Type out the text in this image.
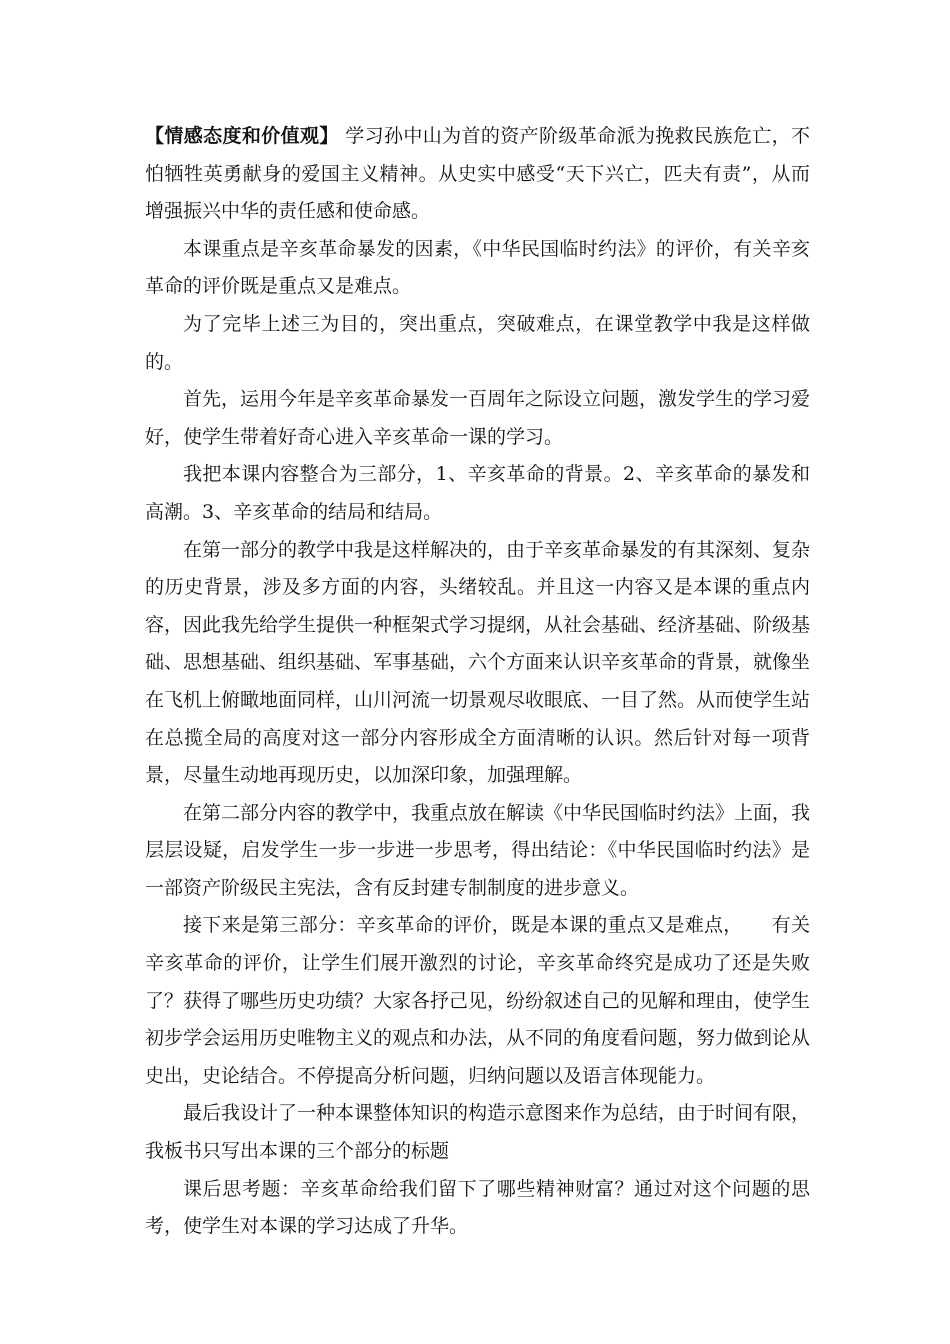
【情感态度和价值观】 学习孙中山为首的资产阶级革命派为挽救民族危亡，不怕牺牲英勇献身的爱国主义精神。从史实中感受“天下兴亡，匹夫有责”，从而增强振兴中华的责任感和使命感。

本课重点是辛亥革命暴发的因素，《中华民国临时约法》的评价，有关辛亥革命的评价既是重点又是难点。

为了完毕上述三为目的，突出重点，突破难点，在课堂教学中我是这样做的。

首先，运用今年是辛亥革命暴发一百周年之际设立问题，激发学生的学习爱好，使学生带着好奇心进入辛亥革命一课的学习。

我把本课内容整合为三部分，1、辛亥革命的背景。2、辛亥革命的暴发和高潮。3、辛亥革命的结局和结局。

在第一部分的教学中我是这样解决的，由于辛亥革命暴发的有其深刻、复杂的历史背景，涉及多方面的内容，头绪较乱。并且这一内容又是本课的重点内容，因此我先给学生提供一种框架式学习提纲，从社会基础、经济基础、阶级基础、思想基础、组织基础、军事基础，六个方面来认识辛亥革命的背景，就像坐在飞机上俯瞰地面同样，山川河流一切景观尽收眼底、一目了然。从而使学生站在总揽全局的高度对这一部分内容形成全方面清晰的认识。然后针对每一项背景，尽量生动地再现历史，以加深印象，加强理解。

在第二部分内容的教学中，我重点放在解读《中华民国临时约法》上面，我层层设疑，启发学生一步一步进一步思考，得出结论：《中华民国临时约法》是一部资产阶级民主宪法，含有反封建专制制度的进步意义。

接下来是第三部分：辛亥革命的评价，既是本课的重点又是难点，　　有关辛亥革命的评价，让学生们展开激烈的讨论，辛亥革命终究是成功了还是失败了？获得了哪些历史功绩？大家各抒己见，纷纷叙述自己的见解和理由，使学生初步学会运用历史唯物主义的观点和办法，从不同的角度看问题，努力做到论从史出，史论结合。不停提高分析问题，归纳问题以及语言体现能力。

最后我设计了一种本课整体知识的构造示意图来作为总结，由于时间有限，我板书只写出本课的三个部分的标题

课后思考题：辛亥革命给我们留下了哪些精神财富？通过对这个问题的思考，使学生对本课的学习达成了升华。
